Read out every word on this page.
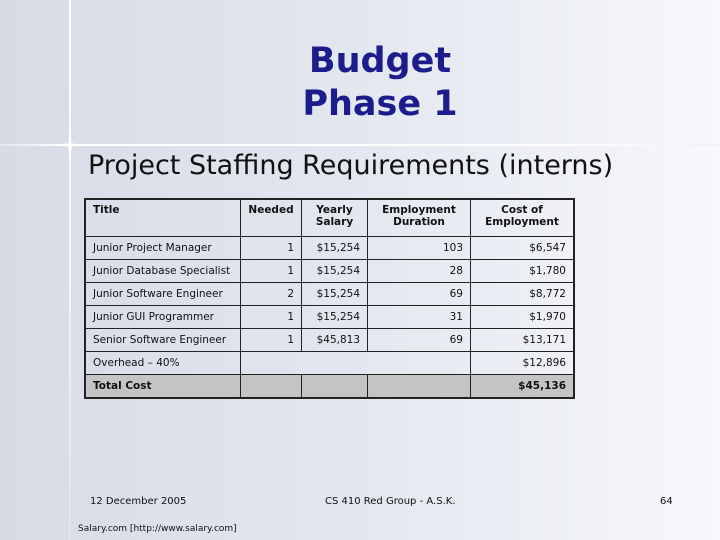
Budget
Phase 1
Project Staffing Requirements (interns)
Title	Needed	Yearly Salary	Employment Duration	Cost of Employment
Junior Project Manager	1	$15,254	103	$6,547
Junior Database Specialist	1	$15,254	28	$1,780
Junior Software Engineer	2	$15,254	69	$8,772
Junior GUI Programmer	1	$15,254	31	$1,970
Senior Software Engineer	1	$45,813	69	$13,171
Overhead – 40%				$12,896
Total Cost				$45,136
12 December 2005	CS 410 Red Group - A.S.K.	64
Salary.com [http://www.salary.com]
